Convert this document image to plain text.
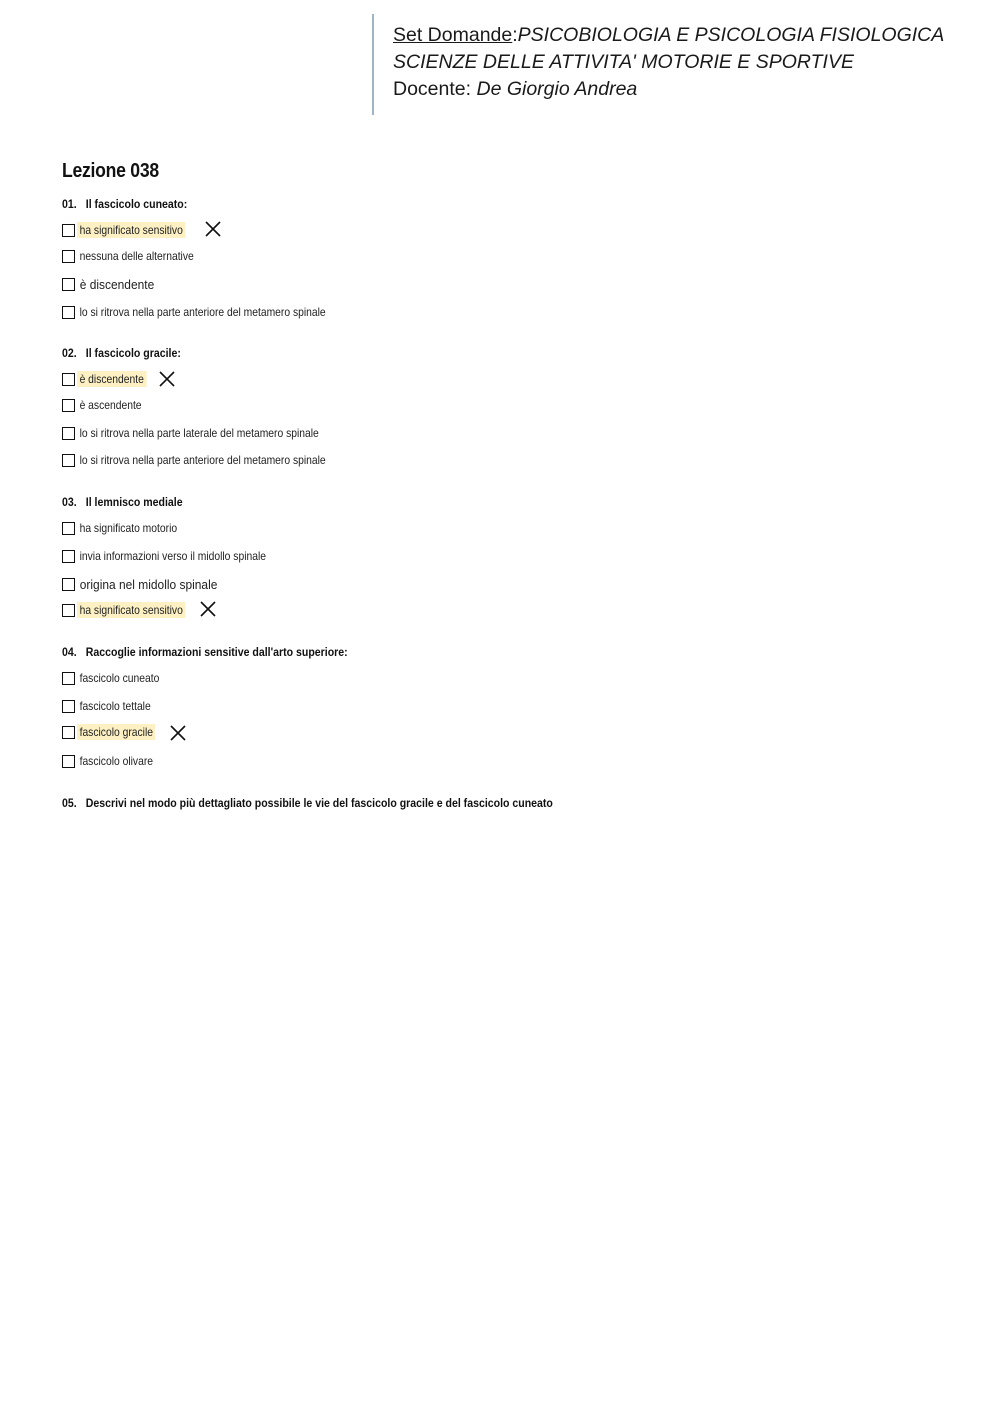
Set Domande: PSICOBIOLOGIA E PSICOLOGIA FISIOLOGICA
SCIENZE DELLE ATTIVITA' MOTORIE E SPORTIVE
Docente: De Giorgio Andrea
Lezione 038
01. Il fascicolo cuneato:
ha significato sensitivo
nessuna delle alternative
è discendente
lo si ritrova nella parte anteriore del metamero spinale
02. Il fascicolo gracile:
è discendente
è ascendente
lo si ritrova nella parte laterale del metamero spinale
lo si ritrova nella parte anteriore del metamero spinale
03. Il lemnisco mediale
ha significato motorio
invia informazioni verso il midollo spinale
origina nel midollo spinale
ha significato sensitivo
04. Raccoglie informazioni sensitive dall'arto superiore:
fascicolo cuneato
fascicolo tettale
fascicolo gracile
fascicolo olivare
05. Descrivi nel modo più dettagliato possibile le vie del fascicolo gracile e del fascicolo cuneato
